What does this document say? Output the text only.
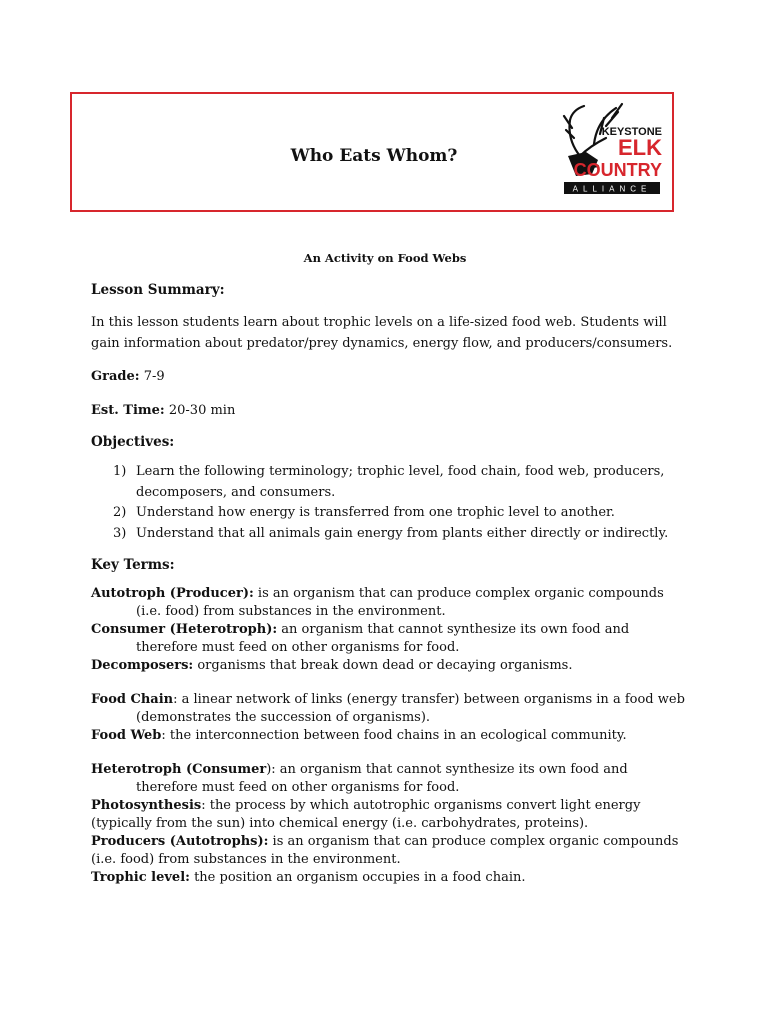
Who Eats Whom?
KEYSTONE
ELK
COUNTRY
ALLIANCE
An Activity on Food Webs

Lesson Summary:

In this lesson students learn about trophic levels on a life-sized food web. Students will gain information about predator/prey dynamics, energy flow, and producers/consumers.

Grade: 7-9

Est. Time: 20-30 min

Objectives:

1) Learn the following terminology; trophic level, food chain, food web, producers, decomposers, and consumers.
2) Understand how energy is transferred from one trophic level to another.
3) Understand that all animals gain energy from plants either directly or indirectly.

Key Terms:

Autotroph (Producer): is an organism that can produce complex organic compounds (i.e. food) from substances in the environment.

Consumer (Heterotroph): an organism that cannot synthesize its own food and therefore must feed on other organisms for food.

Decomposers: organisms that break down dead or decaying organisms.

Food Chain: a linear network of links (energy transfer) between organisms in a food web (demonstrates the succession of organisms).

Food Web: the interconnection between food chains in an ecological community.

Heterotroph (Consumer): an organism that cannot synthesize its own food and therefore must feed on other organisms for food.

Photosynthesis: the process by which autotrophic organisms convert light energy (typically from the sun) into chemical energy (i.e. carbohydrates, proteins).

Producers (Autotrophs): is an organism that can produce complex organic compounds (i.e. food) from substances in the environment.

Trophic level: the position an organism occupies in a food chain.
